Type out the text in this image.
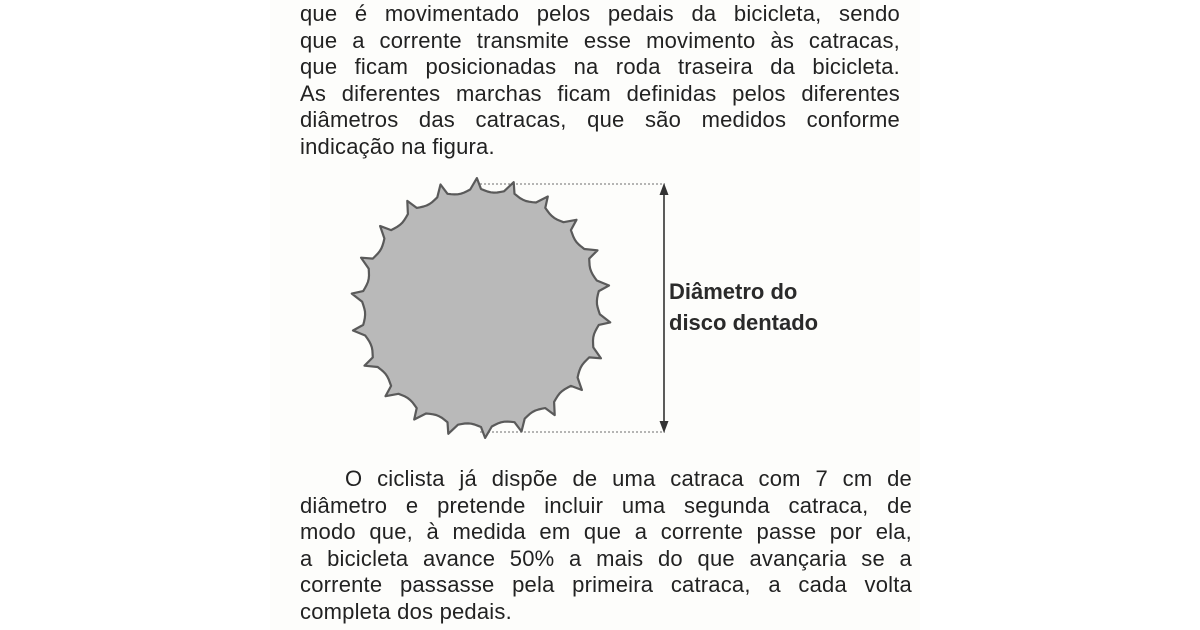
que é movimentado pelos pedais da bicicleta, sendo
que a corrente transmite esse movimento às catracas,
que ficam posicionadas na roda traseira da bicicleta.
As diferentes marchas ficam definidas pelos diferentes
diâmetros das catracas, que são medidos conforme
indicação na figura.
Diâmetro do
disco dentado
O ciclista já dispõe de uma catraca com 7 cm de
diâmetro e pretende incluir uma segunda catraca, de
modo que, à medida em que a corrente passe por ela,
a bicicleta avance 50% a mais do que avançaria se a
corrente passasse pela primeira catraca, a cada volta
completa dos pedais.
